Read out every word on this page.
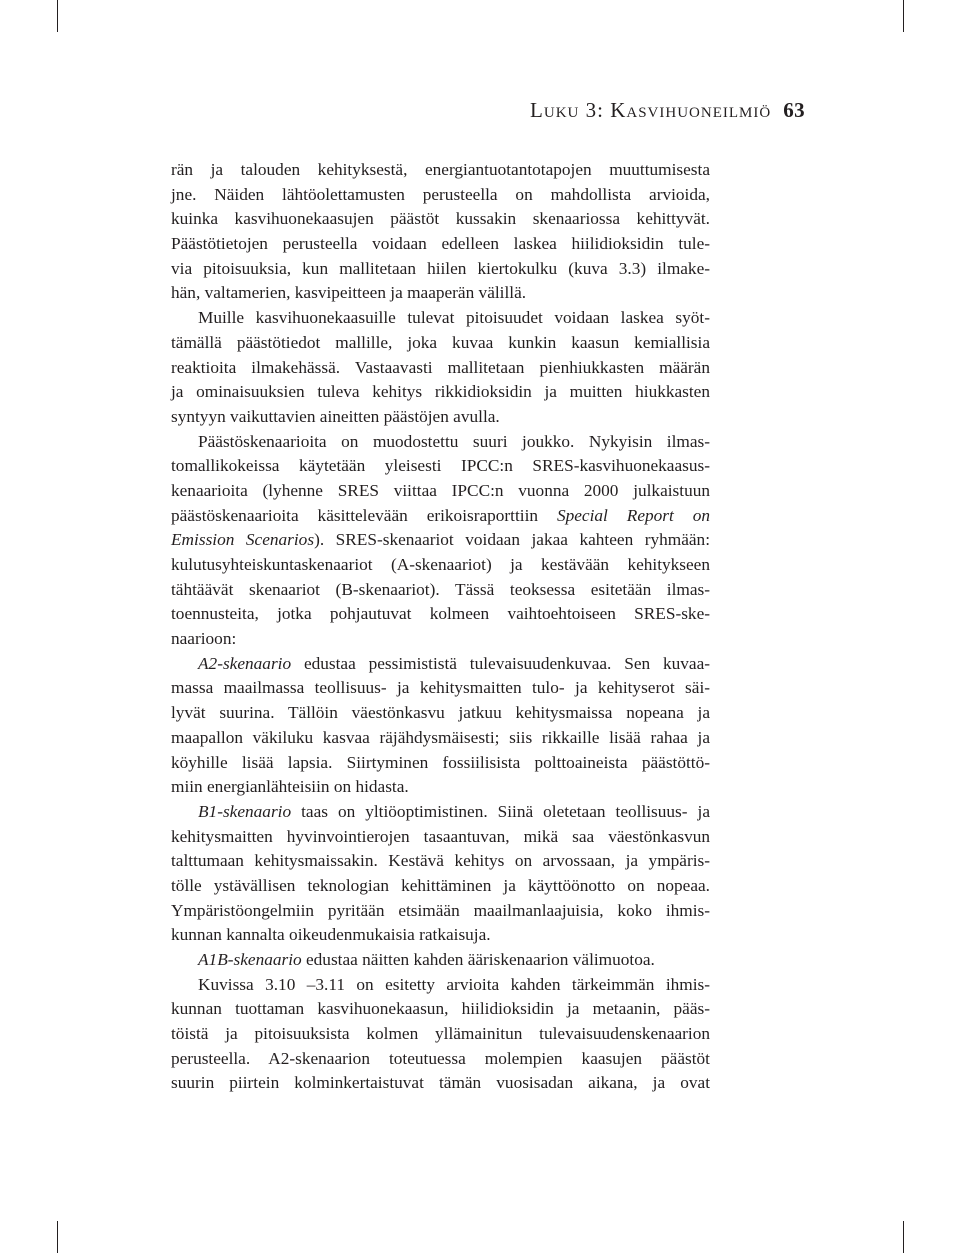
Luku 3: Kasvihuoneilmiö 63
rän ja talouden kehityksestä, energiantuotantotapojen muuttumisesta
jne. Näiden lähtöolettamusten perusteella on mahdollista arvioida,
kuinka kasvihuonekaasujen päästöt kussakin skenaariossa kehittyvät.
Päästötietojen perusteella voidaan edelleen laskea hiilidioksidin tule-
via pitoisuuksia, kun mallitetaan hiilen kiertokulku (kuva 3.3) ilmake-
hän, valtamerien, kasvipeitteen ja maaperän välillä.
Muille kasvihuonekaasuille tulevat pitoisuudet voidaan laskea syöt-
tämällä päästötiedot mallille, joka kuvaa kunkin kaasun kemiallisia
reaktioita ilmakehässä. Vastaavasti mallitetaan pienhiukkasten määrän
ja ominaisuuksien tuleva kehitys rikkidioksidin ja muitten hiukkasten
syntyyn vaikuttavien aineitten päästöjen avulla.
Päästöskenaarioita on muodostettu suuri joukko. Nykyisin ilmas-
tomallikokeissa käytetään yleisesti IPCC:n SRES-kasvihuonekaasus-
kenaarioita (lyhenne SRES viittaa IPCC:n vuonna 2000 julkaistuun
päästöskenaarioita käsittelevään erikoisraporttiin Special Report on
Emission Scenarios). SRES-skenaariot voidaan jakaa kahteen ryhmään:
kulutusyhteiskuntaskenaariot (A-skenaariot) ja kestävään kehitykseen
tähtäävät skenaariot (B-skenaariot). Tässä teoksessa esitetään ilmas-
toennusteita, jotka pohjautuvat kolmeen vaihtoehtoiseen SRES-ske-
naarioon:
A2-skenaario edustaa pessimististä tulevaisuudenkuvaa. Sen kuvaa-
massa maailmassa teollisuus- ja kehitysmaitten tulo- ja kehityserot säi-
lyvät suurina. Tällöin väestönkasvu jatkuu kehitysmaissa nopeana ja
maapallon väkiluku kasvaa räjähdysmäisesti; siis rikkaille lisää rahaa ja
köyhille lisää lapsia. Siirtyminen fossiilisista polttoaineista päästöttö-
miin energianlähteisiin on hidasta.
B1-skenaario taas on yltiöoptimistinen. Siinä oletetaan teollisuus- ja
kehitysmaitten hyvinvointierojen tasaantuvan, mikä saa väestönkasvun
talttumaan kehitysmaissakin. Kestävä kehitys on arvossaan, ja ympäris-
tölle ystävällisen teknologian kehittäminen ja käyttöönotto on nopeaa.
Ympäristöongelmiin pyritään etsimään maailmanlaajuisia, koko ihmis-
kunnan kannalta oikeudenmukaisia ratkaisuja.
A1B-skenaario edustaa näitten kahden ääriskenaarion välimuotoa.
Kuvissa 3.10 –3.11 on esitetty arvioita kahden tärkeimmän ihmis-
kunnan tuottaman kasvihuonekaasun, hiilidioksidin ja metaanin, pääs-
töistä ja pitoisuuksista kolmen yllämainitun tulevaisuudenskenaarion
perusteella. A2-skenaarion toteutuessa molempien kaasujen päästöt
suurin piirtein kolminkertaistuvat tämän vuosisadan aikana, ja ovat
